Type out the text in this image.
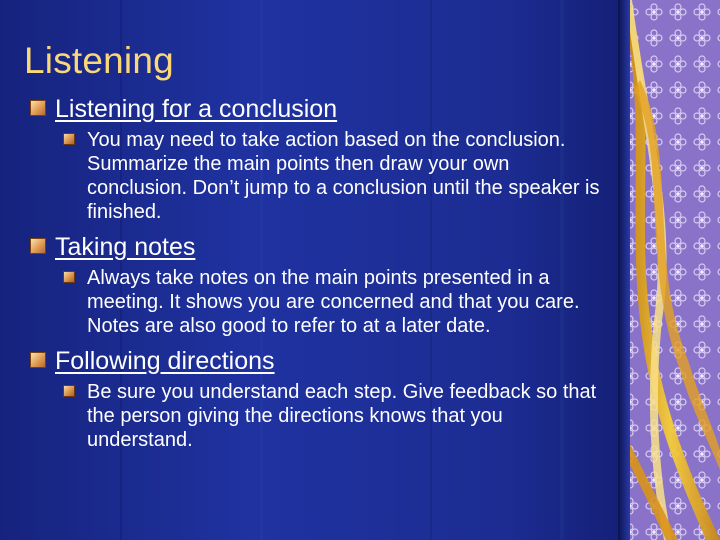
Listening
Listening for a conclusion
You may need to take action based on the conclusion. Summarize the main points then draw your own conclusion. Don’t jump to a conclusion until the speaker is finished.
Taking notes
Always take notes on the main points presented in a meeting. It shows you are concerned and that you care. Notes are also good to refer to at a later date.
Following directions
Be sure you understand each step. Give feedback so that the person giving the directions knows that you understand.
